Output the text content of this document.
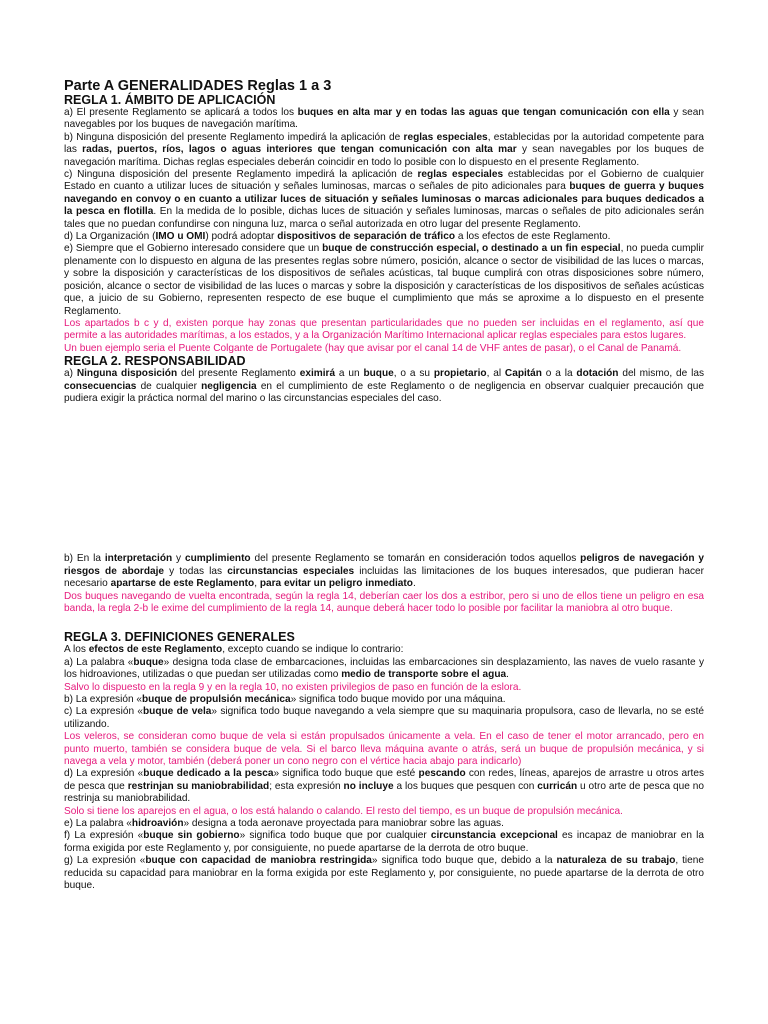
Parte A GENERALIDADES Reglas 1 a 3
REGLA 1. ÁMBITO DE APLICACIÓN

a) El presente Reglamento se aplicará a todos los buques en alta mar y en todas las aguas que tengan comunicación con ella y sean navegables por los buques de navegación marítima.

b) Ninguna disposición del presente Reglamento impedirá la aplicación de reglas especiales, establecidas por la autoridad competente para las radas, puertos, ríos, lagos o aguas interiores que tengan comunicación con alta mar y sean navegables por los buques de navegación marítima. Dichas reglas especiales deberán coincidir en todo lo posible con lo dispuesto en el presente Reglamento.

c) Ninguna disposición del presente Reglamento impedirá la aplicación de reglas especiales establecidas por el Gobierno de cualquier Estado en cuanto a utilizar luces de situación y señales luminosas, marcas o señales de pito adicionales para buques de guerra y buques navegando en convoy o en cuanto a utilizar luces de situación y señales luminosas o marcas adicionales para buques dedicados a la pesca en flotilla. En la medida de lo posible, dichas luces de situación y señales luminosas, marcas o señales de pito adicionales serán tales que no puedan confundirse con ninguna luz, marca o señal autorizada en otro lugar del presente Reglamento.

d) La Organización (IMO u OMI) podrá adoptar dispositivos de separación de tráfico a los efectos de este Reglamento.

e) Siempre que el Gobierno interesado considere que un buque de construcción especial, o destinado a un fin especial, no pueda cumplir plenamente con lo dispuesto en alguna de las presentes reglas sobre número, posición, alcance o sector de visibilidad de las luces o marcas, y sobre la disposición y características de los dispositivos de señales acústicas, tal buque cumplirá con otras disposiciones sobre número, posición, alcance o sector de visibilidad de las luces o marcas y sobre la disposición y características de los dispositivos de señales acústicas que, a juicio de su Gobierno, representen respecto de ese buque el cumplimiento que más se aproxime a lo dispuesto en el presente Reglamento.

Los apartados b c y d, existen porque hay zonas que presentan particularidades que no pueden ser incluidas en el reglamento, así que permite a las autoridades marítimas, a los estados, y a la Organización Marítimo Internacional aplicar reglas especiales para estos lugares.

Un buen ejemplo seria el Puente Colgante de Portugalete (hay que avisar por el canal 14 de VHF antes de pasar), o el Canal de Panamá.

REGLA 2. RESPONSABILIDAD

a) Ninguna disposición del presente Reglamento eximirá a un buque, o a su propietario, al Capitán o a la dotación del mismo, de las consecuencias de cualquier negligencia en el cumplimiento de este Reglamento o de negligencia en observar cualquier precaución que pudiera exigir la práctica normal del marino o las circunstancias especiales del caso.

b) En la interpretación y cumplimiento del presente Reglamento se tomarán en consideración todos aquellos peligros de navegación y riesgos de abordaje y todas las circunstancias especiales incluidas las limitaciones de los buques interesados, que pudieran hacer necesario apartarse de este Reglamento, para evitar un peligro inmediato.

Dos buques navegando de vuelta encontrada, según la regla 14, deberían caer los dos a estribor, pero si uno de ellos tiene un peligro en esa banda, la regla 2-b le exime del cumplimiento de la regla 14, aunque deberá hacer todo lo posible por facilitar la maniobra al otro buque.

REGLA 3. DEFINICIONES GENERALES

A los efectos de este Reglamento, excepto cuando se indique lo contrario:

a) La palabra «buque» designa toda clase de embarcaciones, incluidas las embarcaciones sin desplazamiento, las naves de vuelo rasante y los hidroaviones, utilizadas o que puedan ser utilizadas como medio de transporte sobre el agua.

Salvo lo dispuesto en la regla 9 y en la regla 10, no existen privilegios de paso en función de la eslora.

b) La expresión «buque de propulsión mecánica» significa todo buque movido por una máquina.

c) La expresión «buque de vela» significa todo buque navegando a vela siempre que su maquinaria propulsora, caso de llevarla, no se esté utilizando.

Los veleros, se consideran como buque de vela si están propulsados únicamente a vela. En el caso de tener el motor arrancado, pero en punto muerto, también se considera buque de vela. Si el barco lleva máquina avante o atrás, será un buque de propulsión mecánica, y si navega a vela y motor, también (deberá poner un cono negro con el vértice hacia abajo para indicarlo)

d) La expresión «buque dedicado a la pesca» significa todo buque que esté pescando con redes, líneas, aparejos de arrastre u otros artes de pesca que restrinjan su maniobrabilidad; esta expresión no incluye a los buques que pesquen con curricán u otro arte de pesca que no restrinja su maniobrabilidad.

Solo si tiene los aparejos en el agua, o los está halando o calando. El resto del tiempo, es un buque de propulsión mecánica.

e) La palabra «hidroavión» designa a toda aeronave proyectada para maniobrar sobre las aguas.

f) La expresión «buque sin gobierno» significa todo buque que por cualquier circunstancia excepcional es incapaz de maniobrar en la forma exigida por este Reglamento y, por consiguiente, no puede apartarse de la derrota de otro buque.

g) La expresión «buque con capacidad de maniobra restringida» significa todo buque que, debido a la naturaleza de su trabajo, tiene reducida su capacidad para maniobrar en la forma exigida por este Reglamento y, por consiguiente, no puede apartarse de la derrota de otro buque.
